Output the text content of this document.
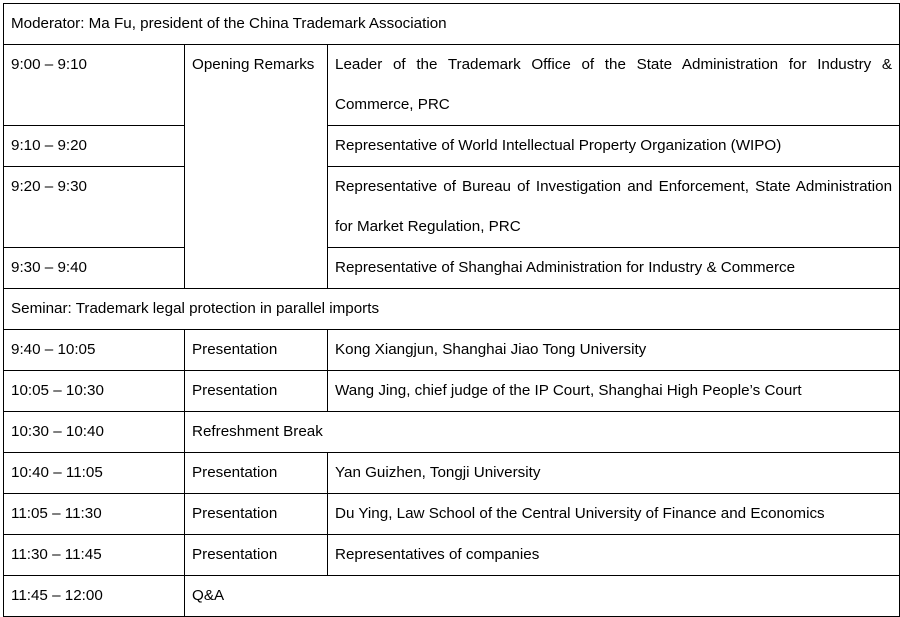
Moderator: Ma Fu, president of the China Trademark Association		
9:00 – 9:10	Opening Remarks	Leader of the Trademark Office of the State Administration for Industry & Commerce, PRC
9:10 – 9:20		Representative of World Intellectual Property Organization (WIPO)
9:20 – 9:30		Representative of Bureau of Investigation and Enforcement, State Administration for Market Regulation, PRC
9:30 – 9:40		Representative of Shanghai Administration for Industry & Commerce
Seminar: Trademark legal protection in parallel imports		
9:40 – 10:05	Presentation	Kong Xiangjun, Shanghai Jiao Tong University
10:05 – 10:30	Presentation	Wang Jing, chief judge of the IP Court, Shanghai High People’s Court
10:30 – 10:40	Refreshment Break	
10:40 – 11:05	Presentation	Yan Guizhen, Tongji University
11:05 – 11:30	Presentation	Du Ying, Law School of the Central University of Finance and Economics
11:30 – 11:45	Presentation	Representatives of companies
11:45 – 12:00	Q&A	
